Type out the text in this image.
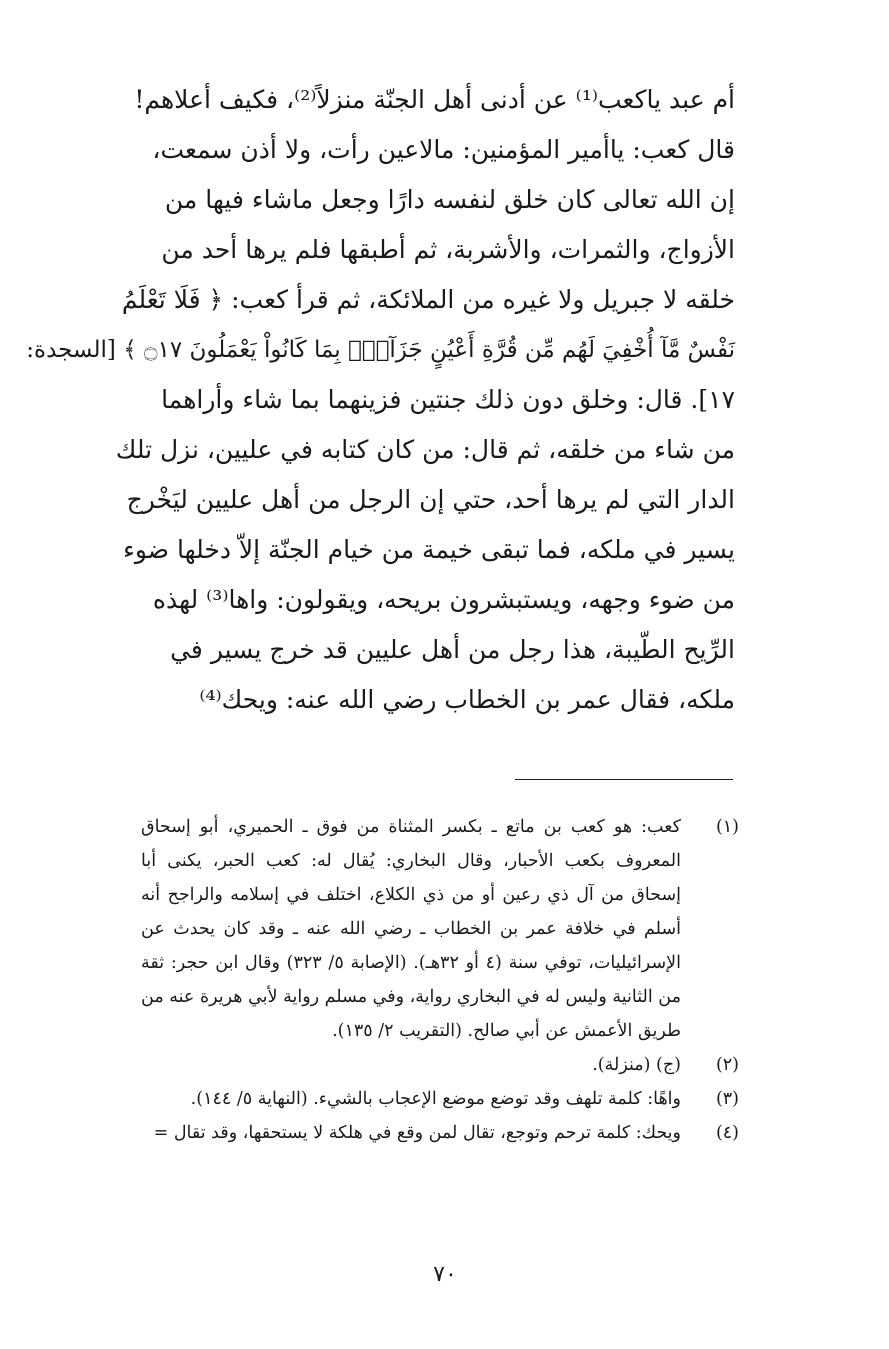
أم عبد ياكعب⁽¹⁾ عن أدنى أهل الجنّة منزلاً⁽²⁾، فكيف أعلاهم!
قال كعب: ياأمير المؤمنين: مالاعين رأت، ولا أذن سمعت،
إن الله تعالى كان خلق لنفسه دارًا وجعل ماشاء فيها من
الأزواج، والثمرات، والأشربة، ثم أطبقها فلم يرها أحد من
خلقه لا جبريل ولا غيره من الملائكة، ثم قرأ كعب: ﴿ فَلَا تَعْلَمُ
نَفْسٌ مَّآ أُخْفِيَ لَهُم مِّن قُرَّةِ أَعْيُنٍ جَزَآءَۢ بِمَا كَانُواْ يَعْمَلُونَ ۝١٧ ﴾ [السجدة:
١٧]. قال: وخلق دون ذلك جنتين فزينهما بما شاء وأراهما
من شاء من خلقه، ثم قال: من كان كتابه في عليين، نزل تلك
الدار التي لم يرها أحد، حتي إن الرجل من أهل عليين ليَخْرج
يسير في ملكه، فما تبقى خيمة من خيام الجنّة إلاّ دخلها ضوء
من ضوء وجهه، ويستبشرون بريحه، ويقولون: واها⁽³⁾ لهذه
الرِّيح الطّيبة، هذا رجل من أهل عليين قد خرج يسير في
ملكه، فقال عمر بن الخطاب رضي الله عنه: ويحك⁽⁴⁾
(١)
كعب: هو كعب بن ماتع ـ بكسر المثناة من فوق ـ الحميري، أبو إسحاق
المعروف بكعب الأحبار، وقال البخاري: يُقال له: كعب الحبر، يكنى أبا
إسحاق من آل ذي رعين أو من ذي الكلاع، اختلف في إسلامه والراجح أنه
أسلم في خلافة عمر بن الخطاب ـ رضي الله عنه ـ وقد كان يحدث عن
الإسرائيليات، توفي سنة (٤ أو ٣٢هـ). (الإصابة ٥/ ٣٢٣) وقال ابن حجر: ثقة
من الثانية وليس له في البخاري رواية، وفي مسلم رواية لأبي هريرة عنه من
طريق الأعمش عن أبي صالح. (التقريب ٢/ ١٣٥).
(٢)
(ج) (منزلة).
(٣)
واهًا: كلمة تلهف وقد توضع موضع الإعجاب بالشيء. (النهاية ٥/ ١٤٤).
(٤)
ويحك: كلمة ترحم وتوجع، تقال لمن وقع في هلكة لا يستحقها، وقد تقال =
٧٠
